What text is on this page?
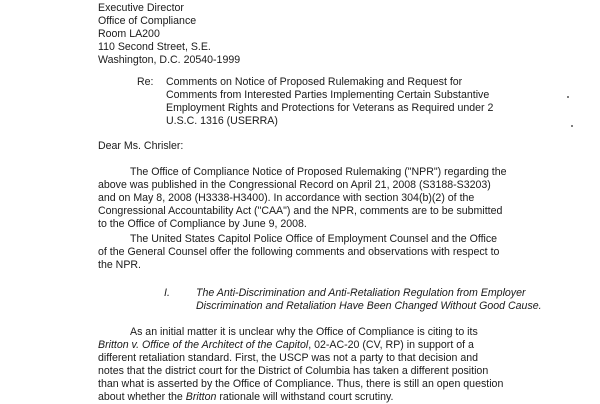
Executive Director
Office of Compliance
Room LA200
110 Second Street, S.E.
Washington, D.C. 20540-1999
Re: Comments on Notice of Proposed Rulemaking and Request for
Comments from Interested Parties Implementing Certain Substantive
Employment Rights and Protections for Veterans as Required under 2
U.S.C. 1316 (USERRA)
Dear Ms. Chrisler:
The Office of Compliance Notice of Proposed Rulemaking ("NPR") regarding the
above was published in the Congressional Record on April 21, 2008 (S3188-S3203)
and on May 8, 2008 (H3338-H3400). In accordance with section 304(b)(2) of the
Congressional Accountability Act ("CAA") and the NPR, comments are to be submitted
to the Office of Compliance by June 9, 2008.
The United States Capitol Police Office of Employment Counsel and the Office
of the General Counsel offer the following comments and observations with respect to
the NPR.
I. The Anti-Discrimination and Anti-Retaliation Regulation from Employer
Discrimination and Retaliation Have Been Changed Without Good Cause.
As an initial matter it is unclear why the Office of Compliance is citing to its
Britton v. Office of the Architect of the Capitol, 02-AC-20 (CV, RP) in support of a
different retaliation standard. First, the USCP was not a party to that decision and
notes that the district court for the District of Columbia has taken a different position
than what is asserted by the Office of Compliance. Thus, there is still an open question
about whether the Britton rationale will withstand court scrutiny.
